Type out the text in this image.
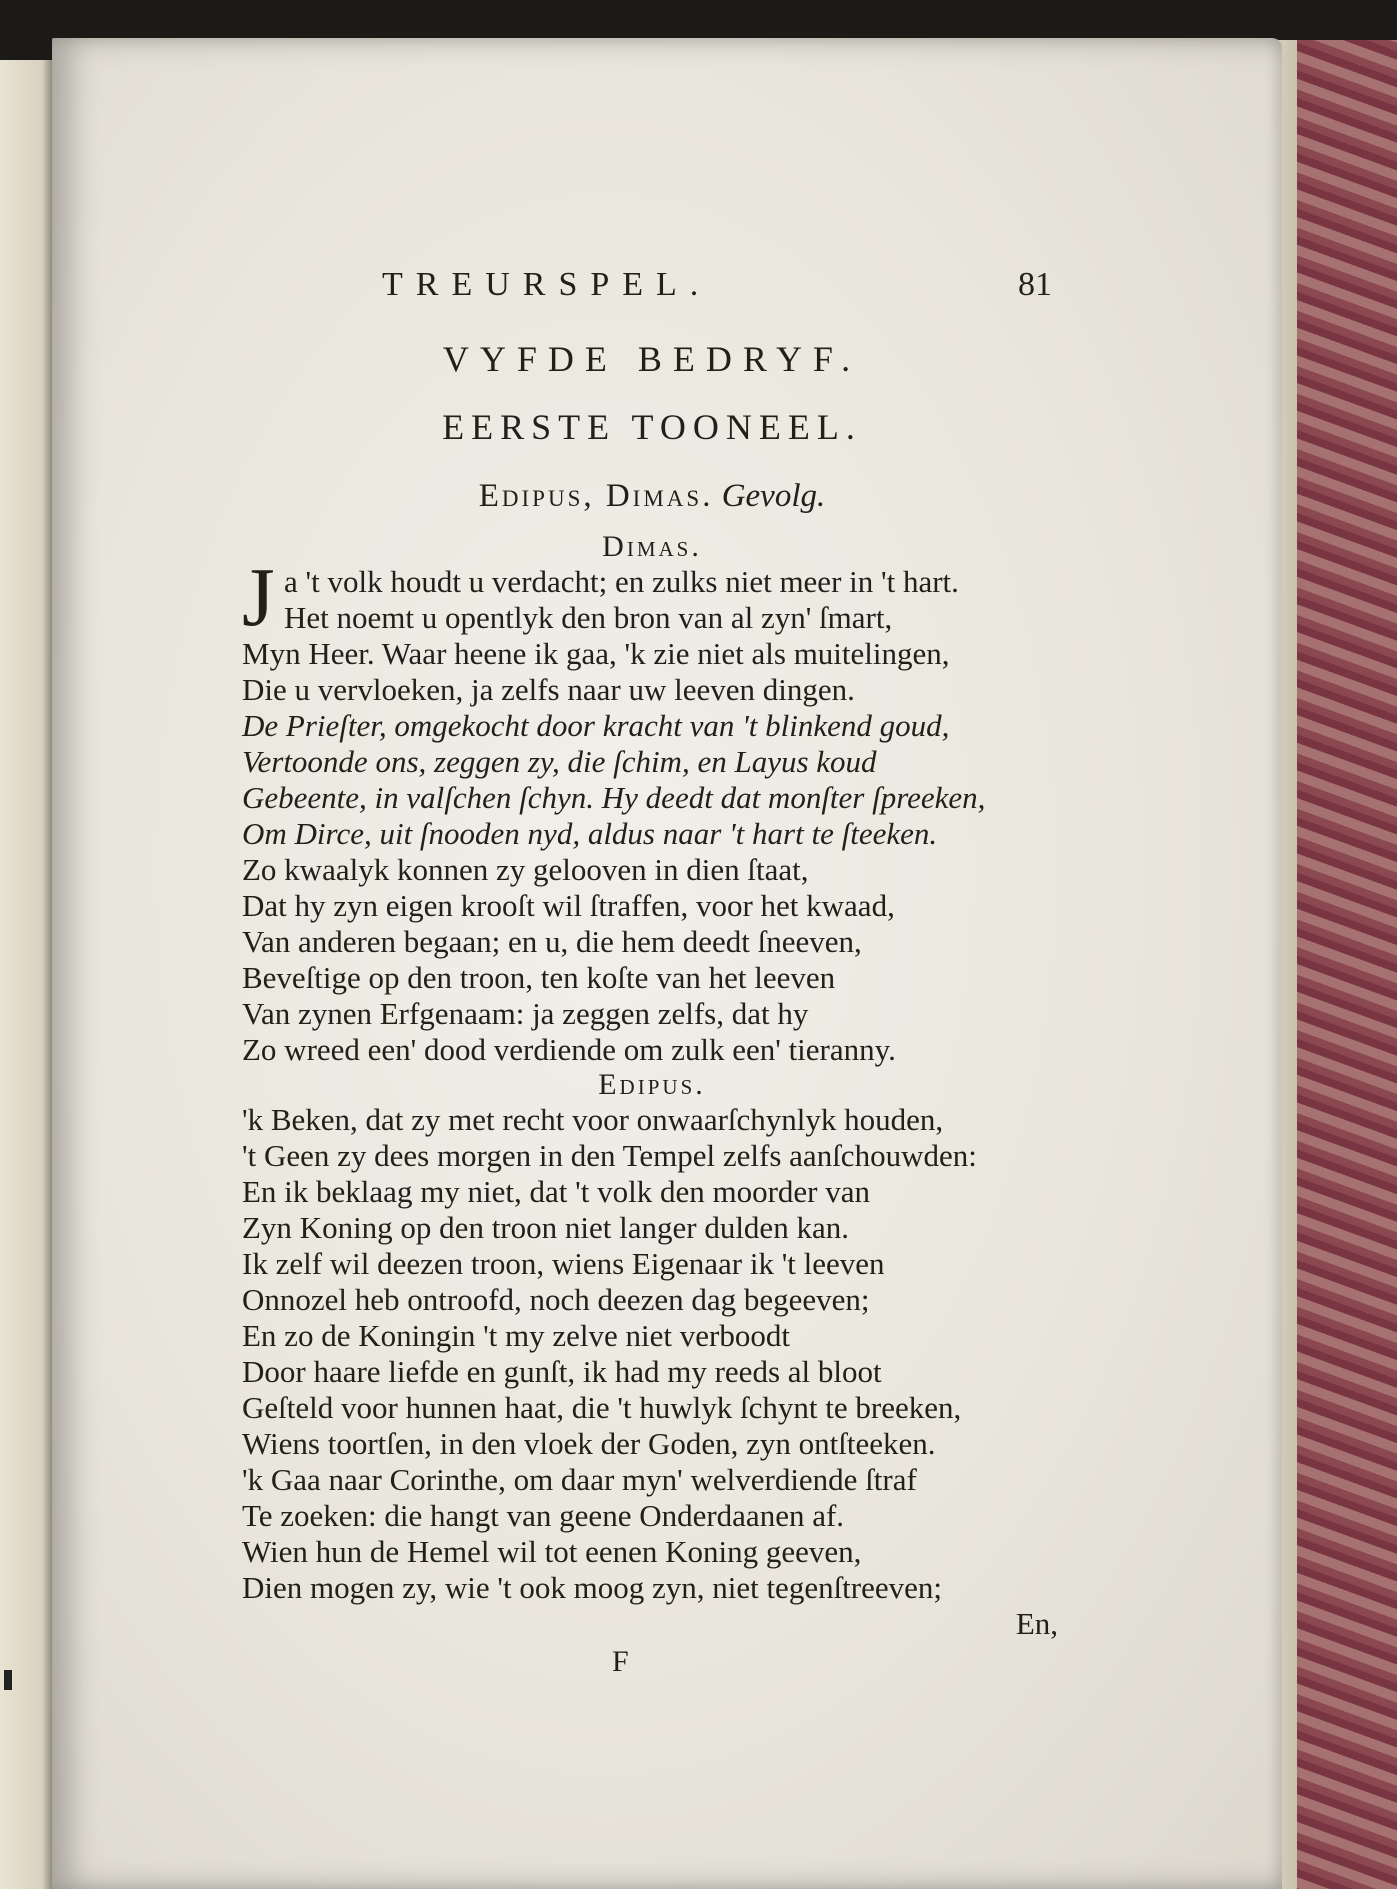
TREURSPEL.	81
VYFDE BEDRYF.
EERSTE TOONEEL.
Edipus, Dimas. Gevolg.
Dimas.
J a 't volk houdt u verdacht; en zulks niet meer in 't hart.
Het noemt u opentlyk den bron van al zyn' ſmart,
Myn Heer. Waar heene ik gaa, 'k zie niet als muitelingen,
Die u vervloeken, ja zelfs naar uw leeven dingen.
De Prieſter, omgekocht door kracht van 't blinkend goud,
Vertoonde ons, zeggen zy, die ſchim, en Layus koud
Gebeente, in valſchen ſchyn. Hy deedt dat monſter ſpreeken,
Om Dirce, uit ſnooden nyd, aldus naar 't hart te ſteeken.
Zo kwaalyk konnen zy gelooven in dien ſtaat,
Dat hy zyn eigen krooſt wil ſtraffen, voor het kwaad,
Van anderen begaan; en u, die hem deedt ſneeven,
Beveſtige op den troon, ten koſte van het leeven
Van zynen Erfgenaam: ja zeggen zelfs, dat hy
Zo wreed een' dood verdiende om zulk een' tieranny.
Edipus.
'k Beken, dat zy met recht voor onwaarſchynlyk houden,
't Geen zy dees morgen in den Tempel zelfs aanſchouwden:
En ik beklaag my niet, dat 't volk den moorder van
Zyn Koning op den troon niet langer dulden kan.
Ik zelf wil deezen troon, wiens Eigenaar ik 't leeven
Onnozel heb ontroofd, noch deezen dag begeeven;
En zo de Koningin 't my zelve niet verboodt
Door haare liefde en gunſt, ik had my reeds al bloot
Geſteld voor hunnen haat, die 't huwlyk ſchynt te breeken,
Wiens toortſen, in den vloek der Goden, zyn ontſteeken.
'k Gaa naar Corinthe, om daar myn' welverdiende ſtraf
Te zoeken: die hangt van geene Onderdaanen af.
Wien hun de Hemel wil tot eenen Koning geeven,
Dien mogen zy, wie 't ook moog zyn, niet tegenſtreeven;
En,
F
